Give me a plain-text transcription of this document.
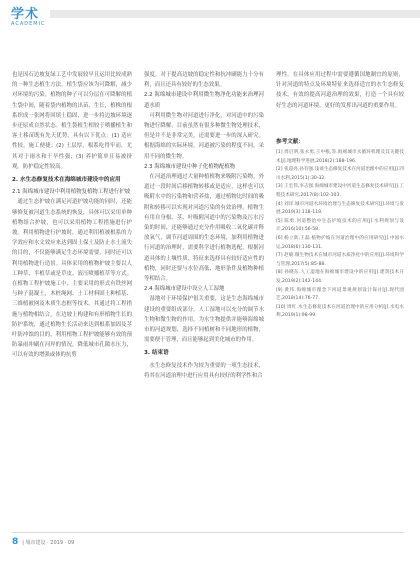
学术
ACADEMIC

也是因石边坡复绿工艺中发展较早且运用比较成熟的一种生态植生方法。植生袋应该为可降解，减少对环境的污染。植物的种子可以分层在可降解的植生袋中间，随着袋内植物的出苗、生长，植株的根系织成一张网将回填土稳固，进一步将边坡环境逐步还原成自然状态。植生袋植生相较于喷播植生和客土移苗既有先天优势，具有以下优点：(1) 适应性较，施工便捷；(2) 土层厚，根系吃得牢而，尤其对于雨水和干旱性强；(3) 养护简单且易被挤观。防护稳定性较高。

2. 水生态修复技术在海绵城市建设中的应用
2.1 海绵城市建设中利用植物复植物工程进行护坡

通过生态护坡在满足河道护坡功能的同时，还能够修复被河道生态系统的恢复，具体可以采用单种植物组合护坡，也可以采用植物工程措施进行护坡。利用植物进行护坡时，通过利用植被根系的力学效应和水文效应来达到固土保土及防止水土流失的目的，不仅能够满足生态环境需要，同时还可以利用植物进行造景。具体采用的植物护坡主要以人工种草、半植草或是草皮、液压喷播植草等方式。在植物工程护坡施工中，主要采用的形式有铁丝网与种子混凝土，木桩绳网、土工材料固土种植基、三维植被网及木质生态框等技术。其通过将工程措施与植物相结合，在边坡上构建和有形植物生长的防护系统，通过植物生长活动来达到根系加固及茎叶防冲蚀的目的，利用植物工程护坡能够有效的预防暴雨冲刷在河岸的情况，降低城市孔隙水压力，可以有效的增强或体的抗剪

强度。对于提高边坡的稳定性和抗冲刷能力十分有利，而且还具有较好的生态效果。

2.2 海绵城市建设中利用微生物净化功能来治理河道水质

可利用微生物对河道进行净化，对河道中的污染物进行降解，目前虽然有很多种微生物处理技术，但是并不是非常完美，还需要进一步的深入研究。根据海绵的实际环境，河道被污染的程度不同，采用不同的微生物。

2.3 海绵城市建设中种子化植物配植物

在河道治理通过大量种植植物来吸附污染物，外道过一段时间后移植物转移或是适应，这样也可以吸附水中的污染物和营养盐，通过植物比时间的吸附和转移可以实现对河道污染的有效治理。植物生有用自身根、茎、叶吸附河道中的污染物及污水污染的时间，还能够通过充分作用吸收二氧化碳并释放氧气，调节河道周围的生态环境，加利用植物进行河道的治理时，需要科学进行植物选配，根据河道具体的土壤性质、特征来选择具有较好适应性的植物，同时还要与水位高低、地形条件及植物种植等相结合。

2.4 海绵城市建设中设立人工湿地

湿地对于环境保护很关重要，这是生态海绵城市建设的重要组成部分，人工湿地可以充分的调节水生物和微生物的作用，为水生物提供并能够海绵城市的河道规划，选择不同植树和不同地形的植物，需要便于管理，而且能够起到美化城市的作用。

3. 结束语

水生态修复技术作为较为重要的一项生态技术，将其在河道治理中进行应用具有较好的利学性和合

理性。在具体应用过程中需要遵循国地制宜的原则，针对河道的特点及环境特征来选择适宜的水生态修复技术，有效的提高河道治理的效果，打造一个具有较好生态的河道环境，更好的发挥出河道的重要作用。

参考文献：
[1] 周启明,张永勇,王中根,等.海绵城市水循环机理及其关键技术[J].地理科学进展,2018(2):188-196.
[2] 张超亮,孙有强.浅谈生态修复技术在河道治理中的应用[J].四川水利,2015(1):30-32.
[3] 王宏伟,李志强.海绵城市建设中河道生态修复技术研究[J].工程技术研究,2017(8):102-103.
[4] 刘洋.城市河道水环境治理与生态修复技术研究[J].环境与发展,2019(3):118-119.
[5] 陈勇.河道整治中生态护坡技术的应用[J].水利规划与设计,2016(10):56-58.
[6] 杨立新,王磊.植物护坡在河道治理中的应用研究[J].中国水运,2018(6):130-131.
[7] 赵敏.微生物技术在城市河道水质净化中的应用[J].环境科学与管理,2017(5):85-88.
[8] 孙晓东.人工湿地在海绵城市建设中的应用[J].建筑技术开发,2019(2):142-144.
[9] 黄伟.海绵城市理念下河道景观规划设计探讨[J].现代园艺,2018(14):76-77.
[10] 周红.水生态修复技术在河道治理中的应用分析[J].水电水利,2019(1):98-99.
8 | 城市建设 · 2019 · 09
